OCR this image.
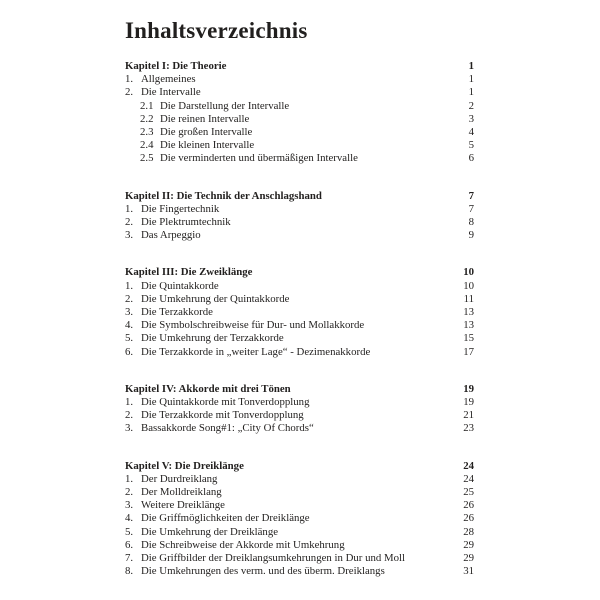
Inhaltsverzeichnis
Kapitel I: Die Theorie	1
1. Allgemeines	1
2. Die Intervalle	1
2.1 Die Darstellung der Intervalle	2
2.2 Die reinen Intervalle	3
2.3 Die großen Intervalle	4
2.4 Die kleinen Intervalle	5
2.5 Die verminderten und übermäßigen Intervalle	6
Kapitel II: Die Technik der Anschlagshand	7
1. Die Fingertechnik	7
2. Die Plektrumtechnik	8
3. Das Arpeggio	9
Kapitel III: Die Zweiklänge	10
1. Die Quintakkorde	10
2. Die Umkehrung der Quintakkorde	11
3. Die Terzakkorde	13
4. Die Symbolschreibweise für Dur- und Mollakkorde	13
5. Die Umkehrung der Terzakkorde	15
6. Die Terzakkorde in „weiter Lage“ - Dezimenakkorde	17
Kapitel IV: Akkorde mit drei Tönen	19
1. Die Quintakkorde mit Tonverdopplung	19
2. Die Terzakkorde mit Tonverdopplung	21
3. Bassakkorde Song#1: „City Of Chords“	23
Kapitel V: Die Dreiklänge	24
1. Der Durdreiklang	24
2. Der Molldreiklang	25
3. Weitere Dreiklänge	26
4. Die Griffmöglichkeiten der Dreiklänge	26
5. Die Umkehrung der Dreiklänge	28
6. Die Schreibweise der Akkorde mit Umkehrung	29
7. Die Griffbilder der Dreiklangsumkehrungen in Dur und Moll	29
8. Die Umkehrungen des verm. und des überm. Dreiklangs	31
